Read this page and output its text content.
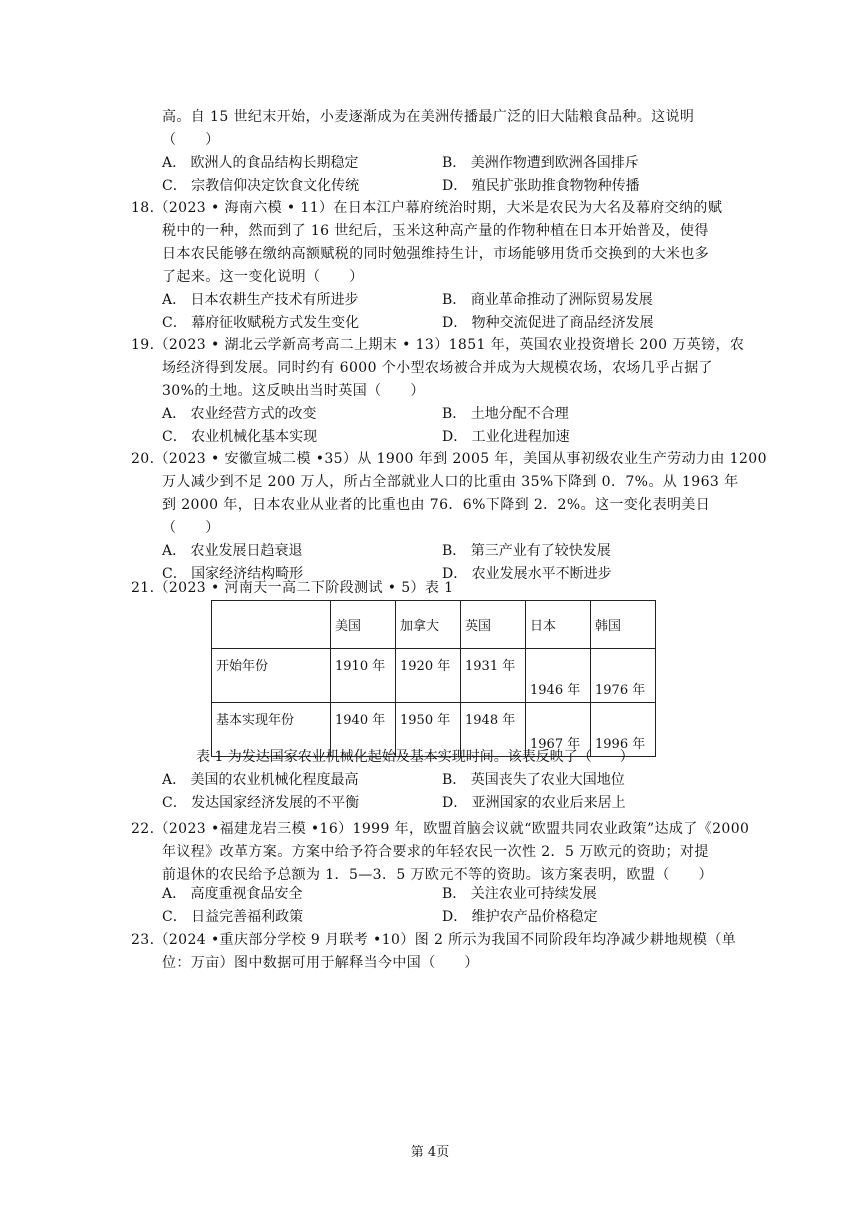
高。自 15 世纪末开始，小麦逐渐成为在美洲传播最广泛的旧大陆粮食品种。这说明
（　　）
A． 欧洲人的食品结构长期稳定	B． 美洲作物遭到欧洲各国排斥
C． 宗教信仰决定饮食文化传统	D． 殖民扩张助推食物物种传播
18.（2023 • 海南六模 • 11）在日本江户幕府统治时期，大米是农民为大名及幕府交纳的赋
税中的一种，然而到了 16 世纪后，玉米这种高产量的作物种植在日本开始普及，使得
日本农民能够在缴纳高额赋税的同时勉强维持生计，市场能够用货币交换到的大米也多
了起来。这一变化说明（　　）
A． 日本农耕生产技术有所进步	B． 商业革命推动了洲际贸易发展
C． 幕府征收赋税方式发生变化	D． 物种交流促进了商品经济发展
19.（2023 • 湖北云学新高考高二上期末 • 13）1851 年，英国农业投资增长 200 万英镑，农
场经济得到发展。同时约有 6000 个小型农场被合并成为大规模农场，农场几乎占据了
30%的土地。这反映出当时英国（　　）
A． 农业经营方式的改变	B． 土地分配不合理
C． 农业机械化基本实现	D． 工业化进程加速
20.（2023 • 安徽宣城二模 •35）从 1900 年到 2005 年，美国从事初级农业生产劳动力由 1200
万人减少到不足 200 万人，所占全部就业人口的比重由 35%下降到 0．7%。从 1963 年
到 2000 年，日本农业从业者的比重也由 76．6%下降到 2．2%。这一变化表明美日
（　　）
A． 农业发展日趋衰退	B． 第三产业有了较快发展
C． 国家经济结构畸形	D． 农业发展水平不断进步
21.（2023 • 河南天一高二下阶段测试 • 5）表 1
	美国	加拿大	英国	日本	韩国
开始年份	1910 年	1920 年	1931 年	1946 年	1976 年
基本实现年份	1940 年	1950 年	1948 年	1967 年	1996 年
表 1 为发达国家农业机械化起始及基本实现时间。该表反映了（　　）
A． 美国的农业机械化程度最高	B． 英国丧失了农业大国地位
C． 发达国家经济发展的不平衡	D． 亚洲国家的农业后来居上
22.（2023 •福建龙岩三模 •16）1999 年，欧盟首脑会议就“欧盟共同农业政策”达成了《2000
年议程》改革方案。方案中给予符合要求的年轻农民一次性 2．5 万欧元的资助；对提
前退休的农民给予总额为 1．5—3．5 万欧元不等的资助。该方案表明，欧盟（　　）
A． 高度重视食品安全	B． 关注农业可持续发展
C． 日益完善福利政策	D． 维护农产品价格稳定
23.（2024 •重庆部分学校 9 月联考 •10）图 2 所示为我国不同阶段年均净减少耕地规模（单
位：万亩）图中数据可用于解释当今中国（　　）
第 4页
